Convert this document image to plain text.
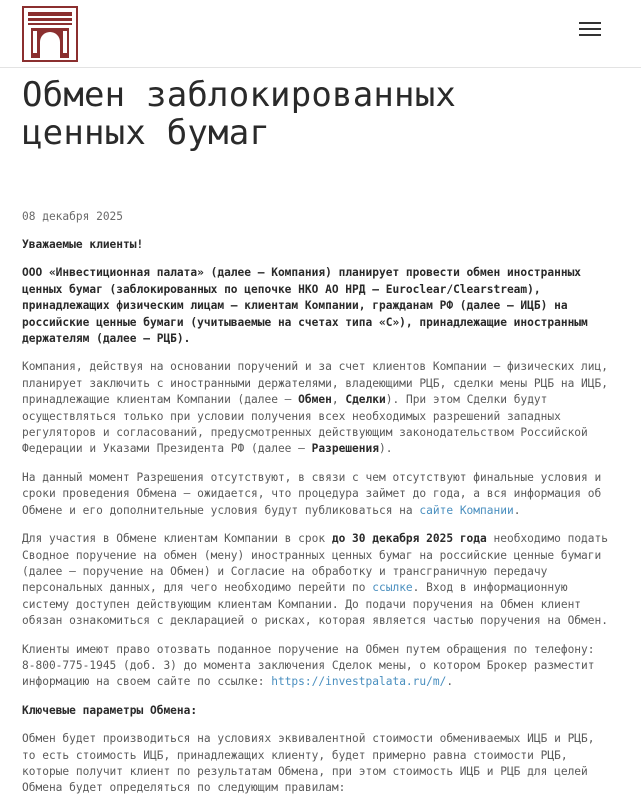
Обмен заблокированных
ценных бумаг
08 декабря 2025
Уважаемые клиенты!

ООО «Инвестиционная палата» (далее – Компания) планирует провести обмен иностранных ценных бумаг (заблокированных по цепочке НКО АО НРД – Euroclear/Clearstream), принадлежащих физическим лицам – клиентам Компании, гражданам РФ (далее – ИЦБ) на российские ценные бумаги (учитываемые на счетах типа «С»), принадлежащие иностранным держателям (далее – РЦБ).

Компания, действуя на основании поручений и за счет клиентов Компании – физических лиц, планирует заключить с иностранными держателями, владеющими РЦБ, сделки мены РЦБ на ИЦБ, принадлежащие клиентам Компании (далее – Обмен, Сделки). При этом Сделки будут осуществляться только при условии получения всех необходимых разрешений западных регуляторов и согласований, предусмотренных действующим законодательством Российской Федерации и Указами Президента РФ (далее – Разрешения).

На данный момент Разрешения отсутствуют, в связи с чем отсутствуют финальные условия и сроки проведения Обмена – ожидается, что процедура займет до года, а вся информация об Обмене и его дополнительные условия будут публиковаться на сайте Компании.

Для участия в Обмене клиентам Компании в срок до 30 декабря 2025 года необходимо подать Сводное поручение на обмен (мену) иностранных ценных бумаг на российские ценные бумаги (далее – поручение на Обмен) и Согласие на обработку и трансграничную передачу персональных данных, для чего необходимо перейти по ссылке. Вход в информационную систему доступен действующим клиентам Компании. До подачи поручения на Обмен клиент обязан ознакомиться с декларацией о рисках, которая является частью поручения на Обмен.

Клиенты имеют право отозвать поданное поручение на Обмен путем обращения по телефону: 8-800-775-1945 (доб. 3) до момента заключения Сделок мены, о котором Брокер разместит информацию на своем сайте по ссылке: https://investpalata.ru/m/.

Ключевые параметры Обмена:

Обмен будет производиться на условиях эквивалентной стоимости обмениваемых ИЦБ и РЦБ, то есть стоимость ИЦБ, принадлежащих клиенту, будет примерно равна стоимости РЦБ, которые получит клиент по результатам Обмена, при этом стоимость ИЦБ и РЦБ для целей Обмена будет определяться по следующим правилам:
